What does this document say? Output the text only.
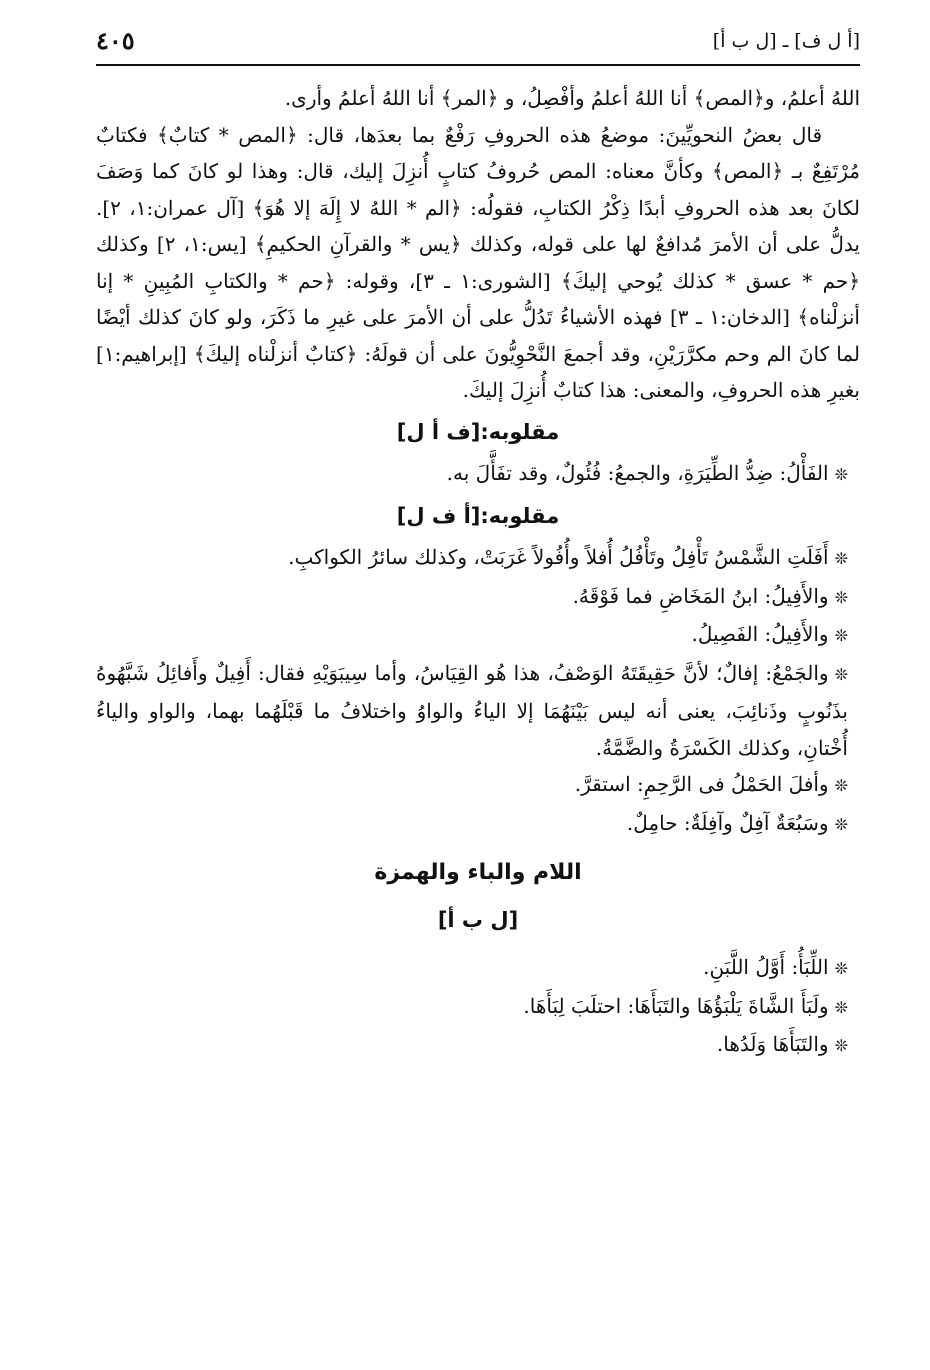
[أ ل ف] ـ [ل ب أ]
٤٠٥

اللهُ أعلمُ، و﴿المص﴾ أنا اللهُ أعلمُ وأفْصِلُ، و ﴿المر﴾ أنا اللهُ أعلمُ وأرى.

قال بعضُ النحويِّينَ: موضعُ هذه الحروفِ رَفْعٌ بما بعدَها، قال: ﴿المص * كتابٌ﴾ فكتابٌ مُرْتَفِعٌ بـ ﴿المص﴾ وكأنَّ معناه: المص حُروفُ كتابٍ أُنزِلَ إليك، قال: وهذا لو كانَ كما وَصَفَ لكانَ بعد هذه الحروفِ أبدًا ذِكْرُ الكتابِ، فقولُه: ﴿الم * اللهُ لا إِلَهَ إلا هُوَ﴾ [آل عمران:١، ٢]. يدلُّ على أن الأمرَ مُدافعٌ لها على قوله، وكذلك ﴿يس * والقرآنِ الحكيمِ﴾ [يس:١، ٢] وكذلك ﴿حم * عسق * كذلك يُوحي إليكَ﴾ [الشورى:١ ـ ٣]، وقوله: ﴿حم * والكتابِ المُبِينِ * إنا أنزلْناه﴾ [الدخان:١ ـ ٣] فهذه الأشياءُ تَدُلُّ على أن الأمرَ على غيرِ ما ذَكَرَ، ولو كانَ كذلك أيْضًا لما كانَ الم وحم مكرَّرَيْنِ، وقد أجمعَ النَّحْوِيُّونَ على أن قولَهُ: ﴿كتابٌ أنزلْناه إليكَ﴾ [إبراهيم:١] بغيرِ هذه الحروفِ، والمعنى: هذا كتابٌ أُنزِلَ إليكَ.

مقلوبه:[ف أ ل]

❊الفَأْلُ: ضِدُّ الطِّيَرَةِ، والجمعُ: فُئُولٌ، وقد تفَأَّلَ به.

مقلوبه:[أ ف ل]

❊أَفَلَتِ الشَّمْسُ تَأْفِلُ وتَأْفُلُ أُفلاً وأُفُولاً غَرَبَتْ، وكذلك سائرُ الكواكبِ.

❊والأَفِيلُ: ابنُ المَخَاضِ فما فَوْقَهُ.

❊والأَفِيلُ: الفَصِيلُ.

❊والجَمْعُ: إفالٌ؛ لأنَّ حَقِيقَتَهُ الوَصْفُ، هذا هُو القِيَاسُ، وأما سِيبَوَيْهِ فقال: أَفِيلٌ وأَفائِلُ شَبَّهُوهُ بذَنُوبٍ وذَنائِبَ، يعنى أنه ليس بَيْنَهُمَا إلا الياءُ والواوُ واختلافُ ما قَبْلَهُما بهما، والواو والياءُ أُخْتانِ، وكذلك الكَسْرَةُ والضَّمَّةُ.

❊وأفلَ الحَمْلُ فى الرَّحِمِ: استقرَّ.

❊وسَبُعَةٌ آفِلٌ وآفِلَةٌ: حامِلٌ.

اللام والباء والهمزة
[ل ب أ]

❊اللِّبَأُ: أَوَّلُ اللَّبَنِ.

❊ولَبَأَ الشَّاةَ يَلْبَؤُهَا والتَبَأَهَا: احتلَبَ لِبَأَهَا.

❊والتَبَأَهَا وَلَدُها.
